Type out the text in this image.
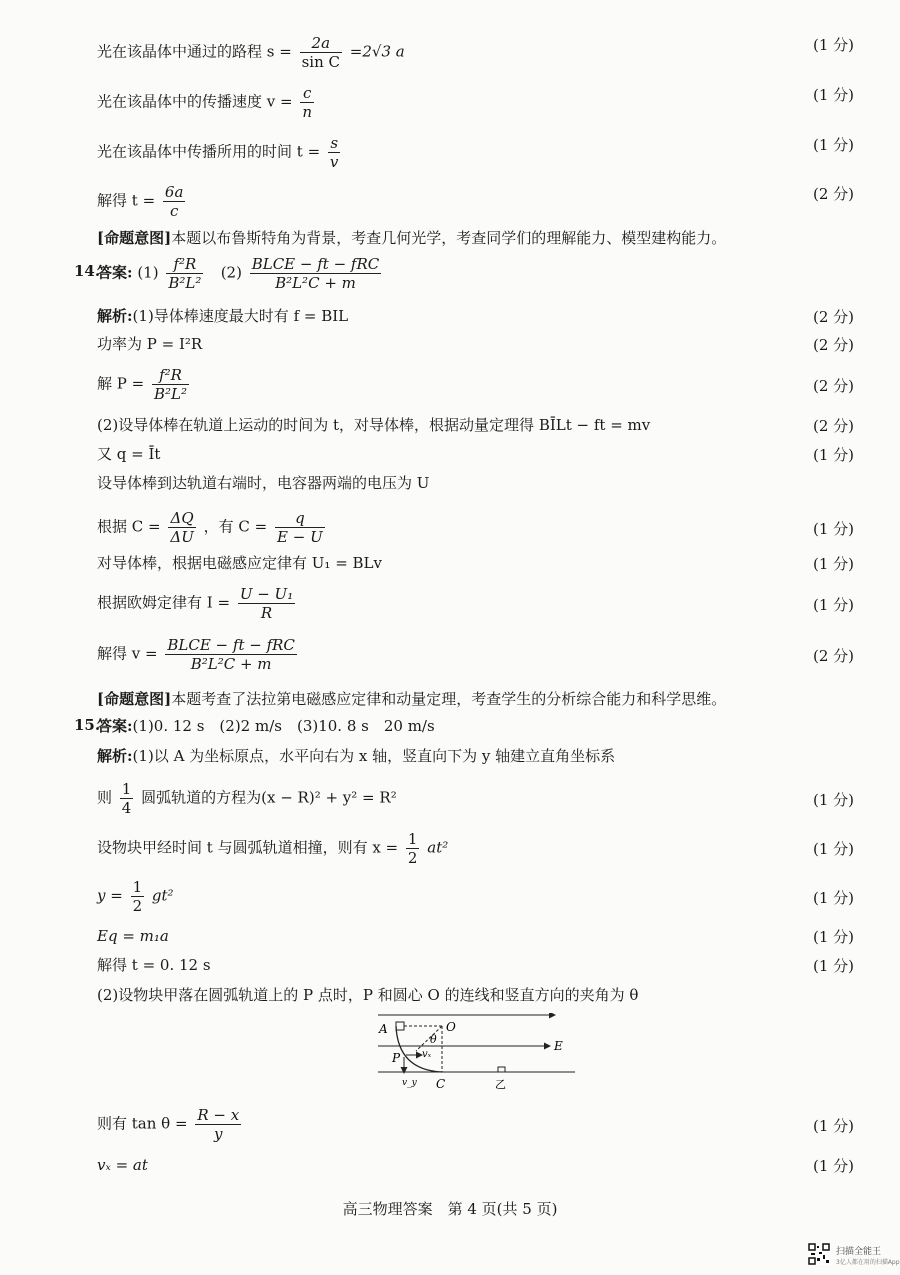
光在该晶体中通过的路程 $s = \frac{2a}{\text{sin C}} =2√3$ a	(1 分)
光在该晶体中的传播速度 $v = \frac{c}{n}$	(1 分)
光在该晶体中传播所用的时间 $t = \frac{s}{v}$	(1 分)
解得 $t = \frac{6a}{c}$	(2 分)
[命题意图]本题以布鲁斯特角为背景，考查几何光学，考查同学们的理解能力、模型建构能力。
14.
答案: $(1) \frac{\text{f²R}}{\text{B²L²}} (2) \frac{\text{BLCE − ft − fRC}}{\text{B²L²C + m}}$
解析:(1)导体棒速度最大时有 f = BIL	(2 分)
功率为 P = I²R	(2 分)
解 $P = \frac{\text{f²R}}{\text{B²L²}}$	(2 分)
(2)设导体棒在轨道上运动的时间为 t，对导体棒，根据动量定理得 BĪLt − ft = mv	(2 分)
又 q = Īt	(1 分)
设导体棒到达轨道右端时，电容器两端的电压为 U
根据 $C = \frac{\Delta Q}{\Delta U}$ ，有 $C = \frac{q}{E - U}$	(1 分)
对导体棒，根据电磁感应定律有 U₁ = BLv	(1 分)
根据欧姆定律有 $I = \frac{\text{U − U₁}}{R}$	(1 分)
解得 $v = \frac{\text{BLCE − ft − fRC}}{\text{B²L²C + m}}$	(2 分)
[命题意图]本题考查了法拉第电磁感应定律和动量定理，考查学生的分析综合能力和科学思维。
15.
答案:(1)0. 12 s　(2)2 m/s　(3)10. 8 s　20 m/s
解析:(1)以 A 为坐标原点，水平向右为 x 轴，竖直向下为 y 轴建立直角坐标系
则 $\frac{1}{4}$ 圆弧轨道的方程为(x − R)² + y² = R²	(1 分)
设物块甲经时间 t 与圆弧轨道相撞，则有 $x = \frac{1}{2} at^2$	(1 分)
$y = \frac{1}{2} gt^2$	(1 分)
Eq = m₁a	(1 分)
解得 t = 0. 12 s	(1 分)
(2)设物块甲落在圆弧轨道上的 P 点时，P 和圆心 O 的连线和竖直方向的夹角为 θ
A	O
θ	E
P vₓ
v_y C	乙
则有 $\tan \theta = \frac{R - x}{y}$	(1 分)
vₓ = at	(1 分)
高三物理答案　第 4 页(共 5 页)
扫描全能王
3亿人都在用的扫描App
